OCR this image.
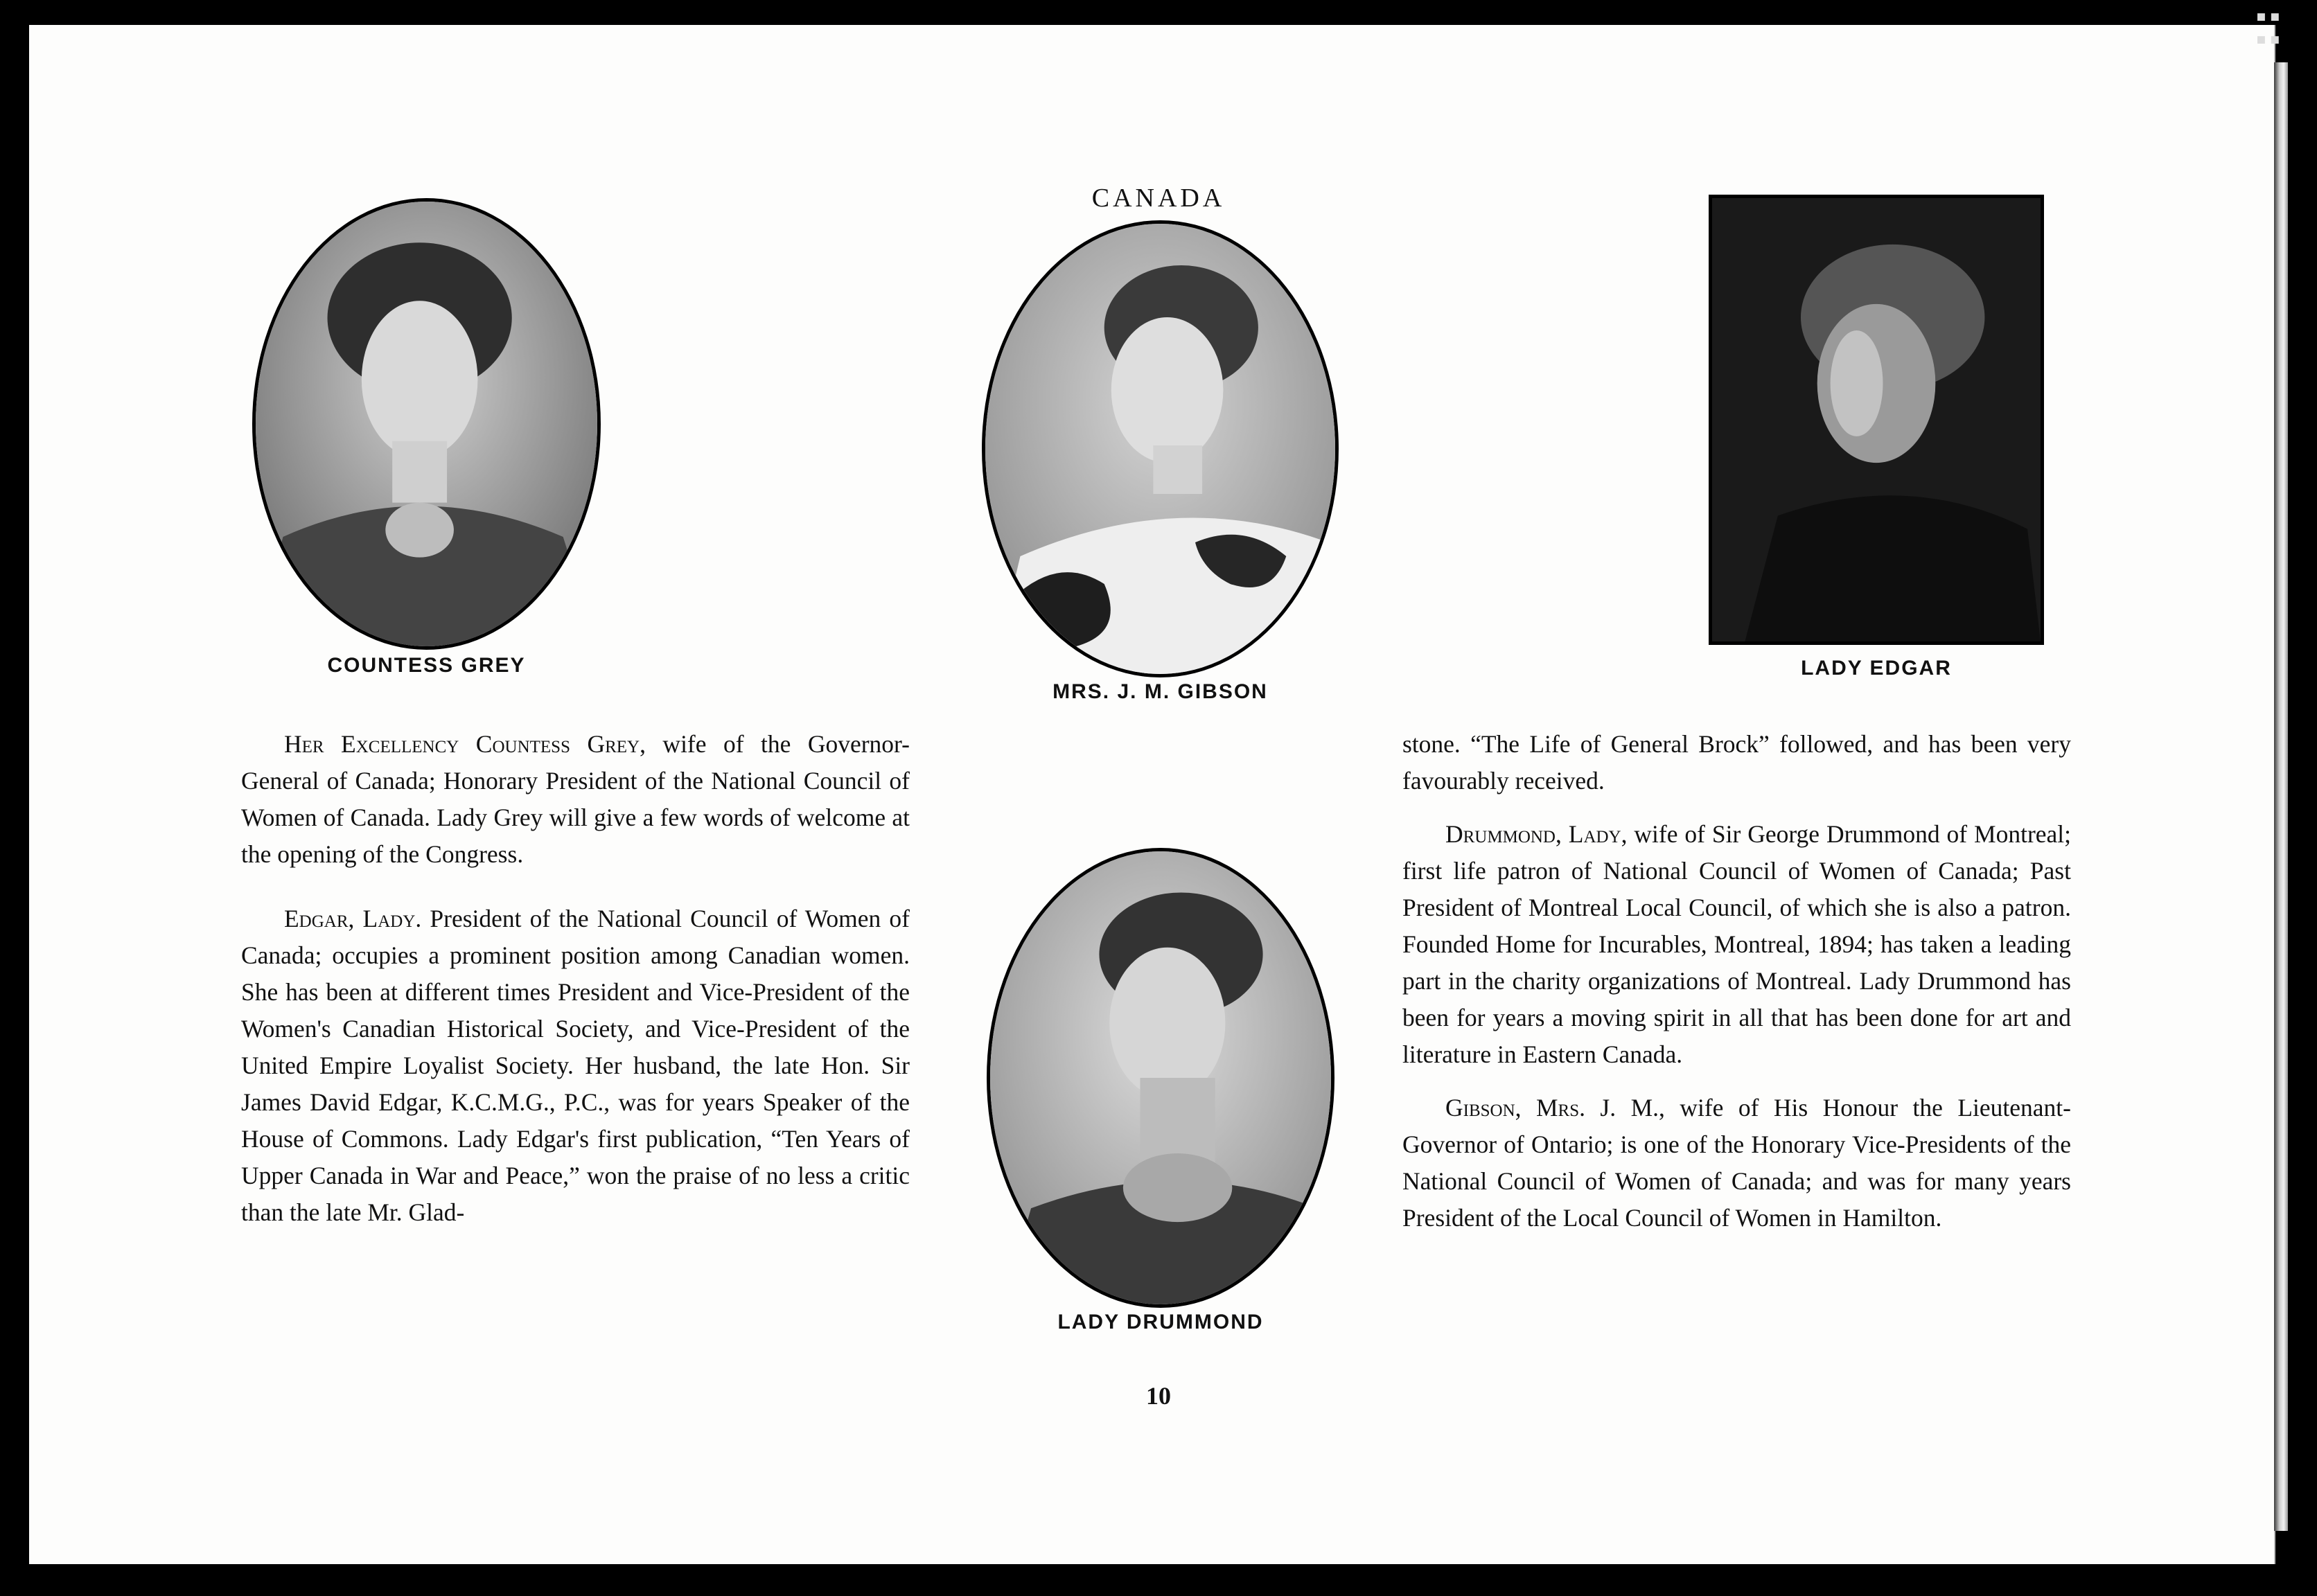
CANADA
COUNTESS GREY
MRS. J. M. GIBSON
LADY EDGAR
LADY DRUMMOND

Her Excellency Countess Grey, wife of the Governor-General of Canada; Honorary President of the National Council of Women of Canada. Lady Grey will give a few words of welcome at the opening of the Congress.

Edgar, Lady. President of the National Council of Women of Canada; occupies a prominent position among Canadian women. She has been at different times President and Vice-President of the Women's Canadian Historical Society, and Vice-President of the United Empire Loyalist Society. Her husband, the late Hon. Sir James David Edgar, K.C.M.G., P.C., was for years Speaker of the House of Commons. Lady Edgar's first publication, “Ten Years of Upper Canada in War and Peace,” won the praise of no less a critic than the late Mr. Glad-

stone. “The Life of General Brock” followed, and has been very favourably received.

Drummond, Lady, wife of Sir George Drummond of Montreal; first life patron of National Council of Women of Canada; Past President of Montreal Local Council, of which she is also a patron. Founded Home for Incurables, Montreal, 1894; has taken a leading part in the charity organizations of Montreal. Lady Drummond has been for years a moving spirit in all that has been done for art and literature in Eastern Canada.

Gibson, Mrs. J. M., wife of His Honour the Lieutenant-Governor of Ontario; is one of the Honorary Vice-Presidents of the National Council of Women of Canada; and was for many years President of the Local Council of Women in Hamilton.

10
▪▪ ▪▪
